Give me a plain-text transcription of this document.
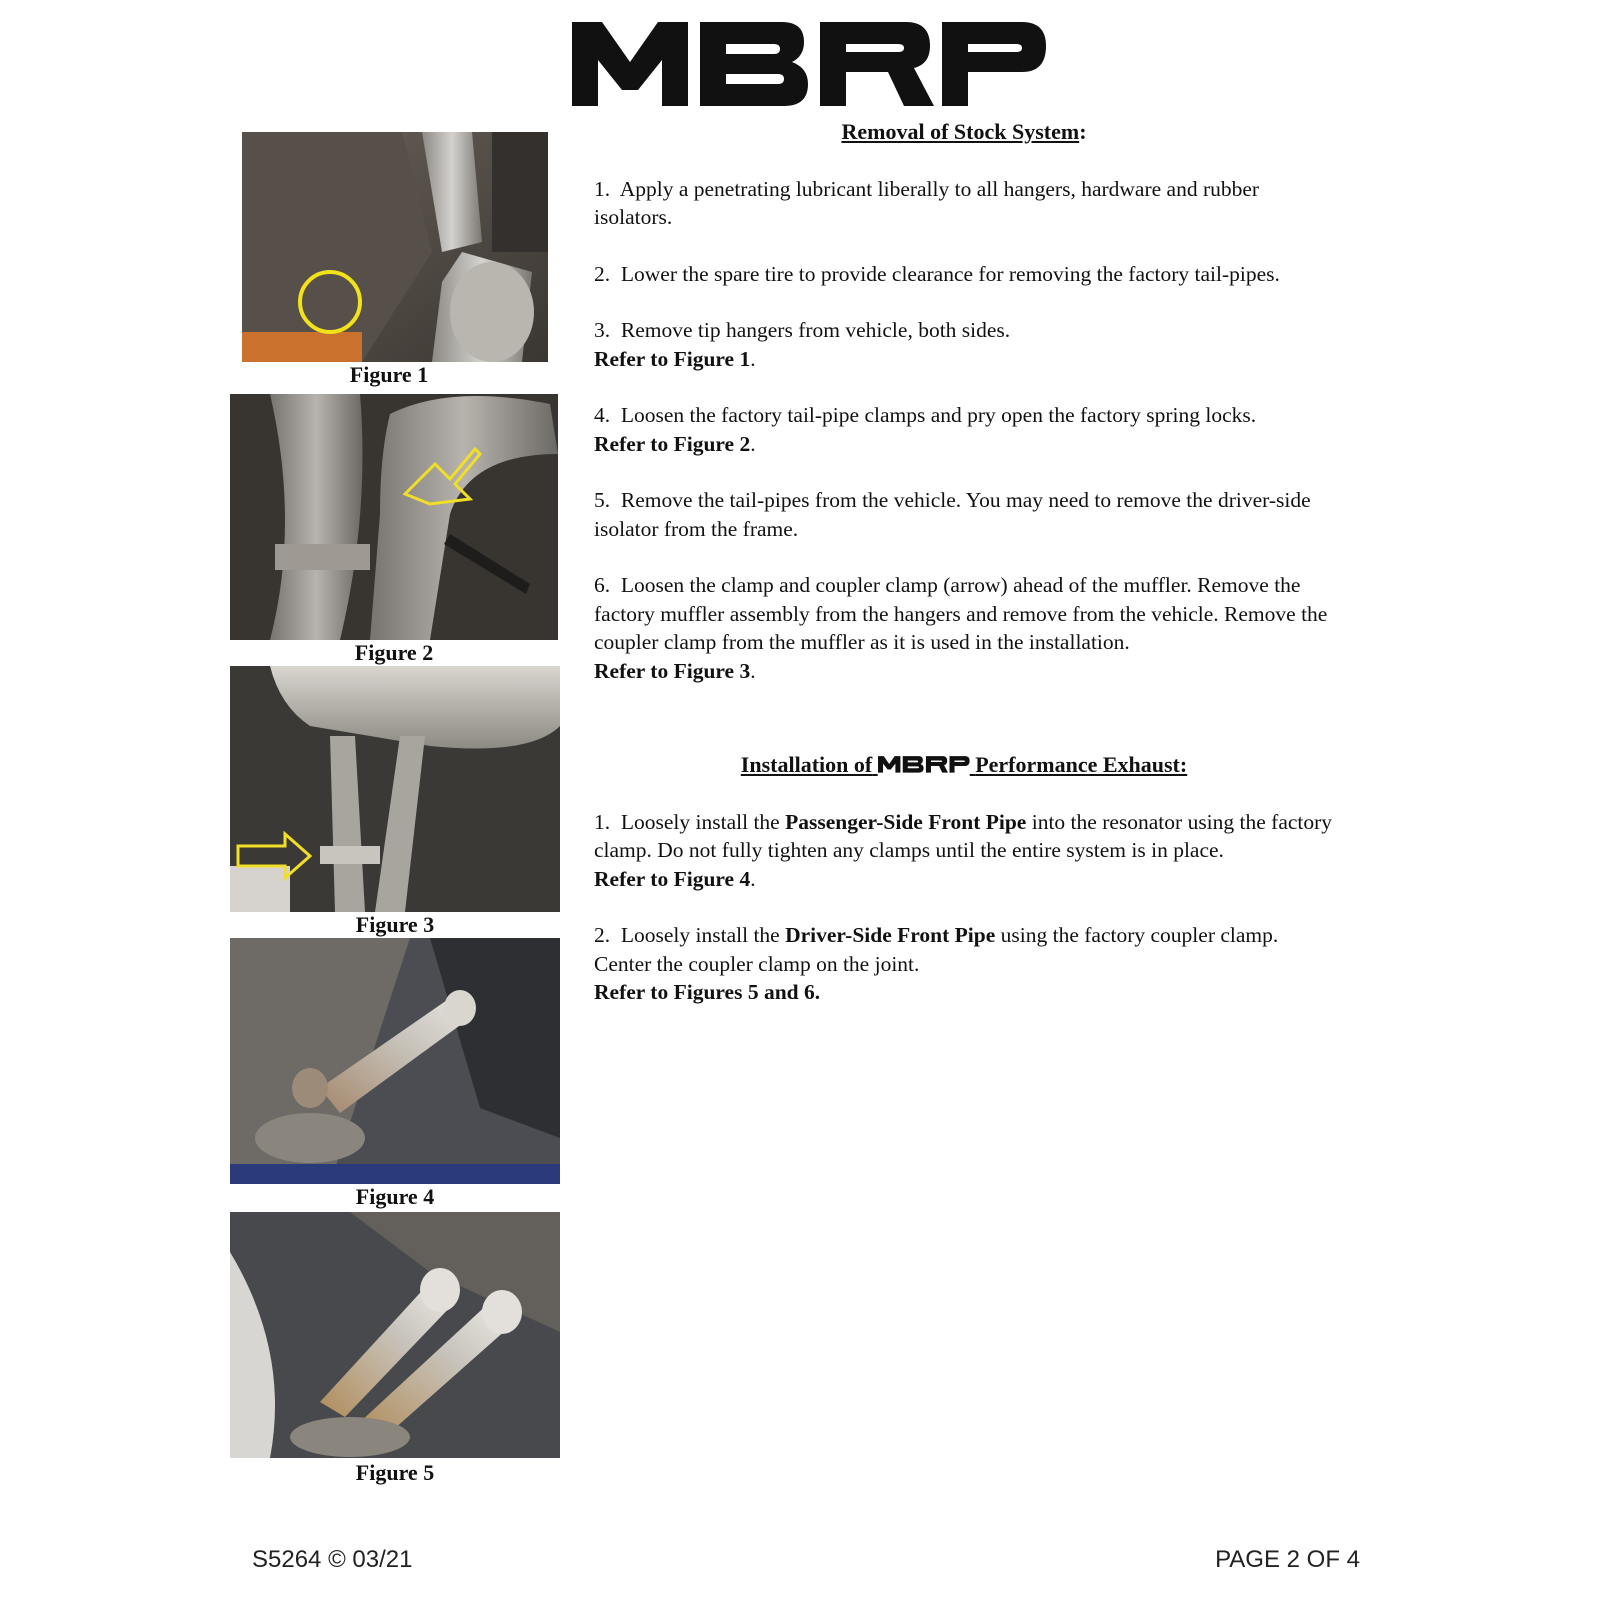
Figure 1
Figure 2
Figure 3
Figure 4
Figure 5
Removal of Stock System:

1. Apply a penetrating lubricant liberally to all hangers, hardware and rubber isolators.

2. Lower the spare tire to provide clearance for removing the factory tail-pipes.

3. Remove tip hangers from vehicle, both sides.
Refer to Figure 1.

4. Loosen the factory tail-pipe clamps and pry open the factory spring locks.
Refer to Figure 2.

5. Remove the tail-pipes from the vehicle. You may need to remove the driver-side isolator from the frame.

6. Loosen the clamp and coupler clamp (arrow) ahead of the muffler. Remove the factory muffler assembly from the hangers and remove from the vehicle. Remove the coupler clamp from the muffler as it is used in the installation.
Refer to Figure 3.

Installation of	Performance Exhaust:

1. Loosely install the Passenger-Side Front Pipe into the resonator using the factory clamp. Do not fully tighten any clamps until the entire system is in place.
Refer to Figure 4.

2. Loosely install the Driver-Side Front Pipe using the factory coupler clamp. Center the coupler clamp on the joint.
Refer to Figures 5 and 6.

S5264 © 03/21	PAGE 2 OF 4
